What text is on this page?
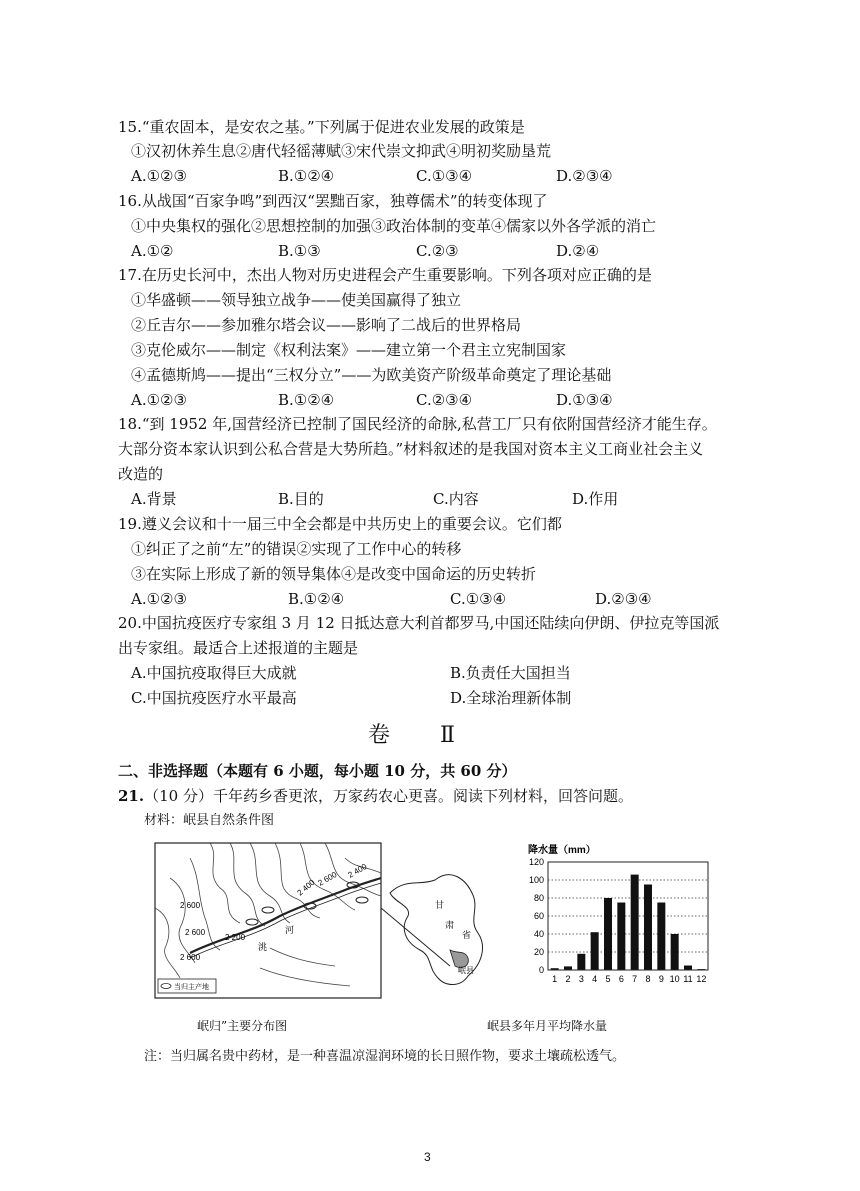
15.“重农固本，是安农之基。”下列属于促进农业发展的政策是
①汉初休养生息②唐代轻徭薄赋③宋代崇文抑武④明初奖励垦荒
A.①②③	B.①②④	C.①③④	D.②③④
16.从战国“百家争鸣”到西汉“罢黜百家，独尊儒术”的转变体现了
①中央集权的强化②思想控制的加强③政治体制的变革④儒家以外各学派的消亡
A.①②	B.①③	C.②③	D.②④
17.在历史长河中，杰出人物对历史进程会产生重要影响。下列各项对应正确的是
①华盛顿——领导独立战争——使美国赢得了独立
②丘吉尔——参加雅尔塔会议——影响了二战后的世界格局
③克伦威尔——制定《权利法案》——建立第一个君主立宪制国家
④孟德斯鸠——提出“三权分立”——为欧美资产阶级革命奠定了理论基础
A.①②③	B.①②④	C.②③④	D.①③④
18.“到 1952 年,国营经济已控制了国民经济的命脉,私营工厂只有依附国营经济才能生存。
大部分资本家认识到公私合营是大势所趋。”材料叙述的是我国对资本主义工商业社会主义
改造的
A.背景	B.目的	C.内容	D.作用
19.遵义会议和十一届三中全会都是中共历史上的重要会议。它们都
①纠正了之前“左”的错误②实现了工作中心的转移
③在实际上形成了新的领导集体④是改变中国命运的历史转折
A.①②③	B.①②④	C.①③④	D.②③④
20.中国抗疫医疗专家组 3 月 12 日抵达意大利首都罗马,中国还陆续向伊朗、伊拉克等国派
出专家组。最适合上述报道的主题是
A.中国抗疫取得巨大成就	B.负责任大国担当
C.中国抗疫医疗水平最高	D.全球治理新体制
卷　　Ⅱ
二、非选择题（本题有 6 小题，每小题 10 分，共 60 分）
21.（10 分）千年药乡香更浓，万家药农心更喜。阅读下列材料，回答问题。
材料：岷县自然条件图
2 600
2 600
2 600
2 400
2 200
2 600 2 400
河
洮
当归主产地
甘
肃
省
岷县
岷归”主要分布图
降水量（mm）
0
20
40
60
80
100
120
1 2 3 4 5 6 7 8 9 10 11 12
岷县多年月平均降水量
注：当归属名贵中药材，是一种喜温凉湿润环境的长日照作物，要求土壤疏松透气。
3
